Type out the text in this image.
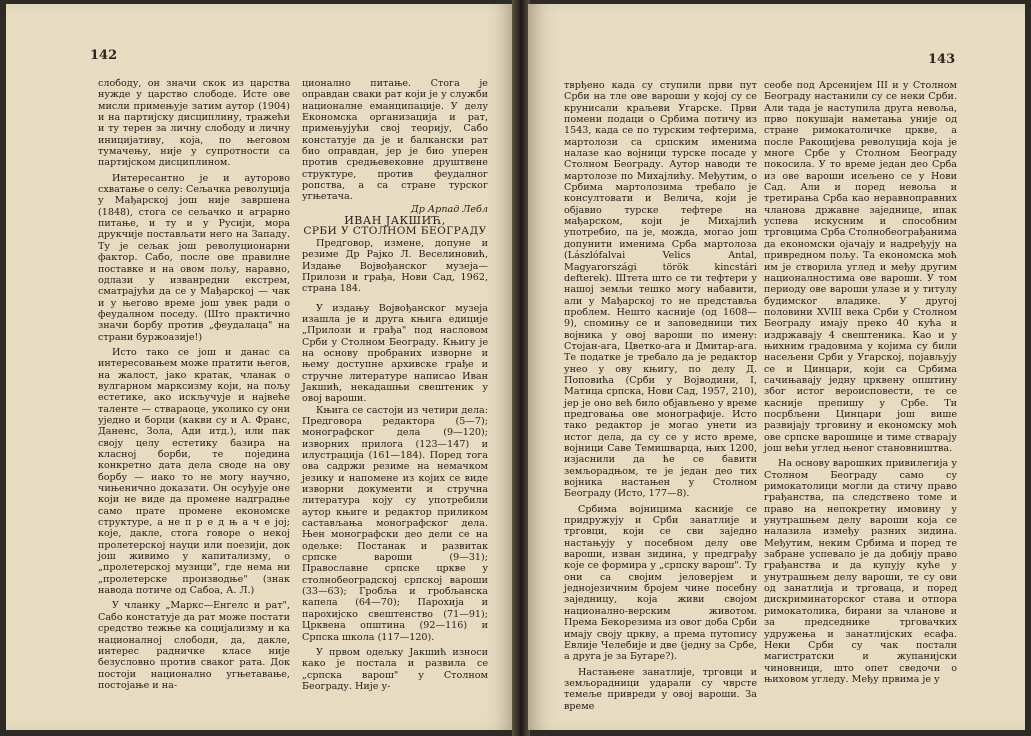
142

слободу, он значи скок из царства нужде у царство слободе. Исте ове мисли примењује затим аутор (1904) и на партијску дисциплину, тражећи и ту терен за личну слободу и личну иницијативу, која, по његовом тумачењу, није у супротности са партијском дисциплином.

Интересантно је и ауторово схватање о селу: Сељачка револуција у Мађарској још није завршена (1848), стога се сељачко и аграрно питање, и ту и у Русији, мора друкчије постављати него на Западу. Ту је сељак још револуционарни фактор. Сабо, после ове правилне поставке и на овом пољу, наравно, одлази у изванредни екстрем, сматрајући да се у Мађарској — чак и у његово време још увек ради о феудалном поседу. (Што практично значи борбу против „феудалаца" на страни буржоазије!)

Исто тако се још и данас са интересовањем може пратити његов, на жалост, јако кратак, чланак о вулгарном марксизму који, на пољу естетике, ако искључује и највеће таленте — ствараоце, уколико су они уједно и борци (какви су и А. Франс, Даненс, Зола, Ади итд.), или пак своју целу естетику базира на класној борби, те појединa конкретно дата дела своде на ову борбу — иако то не могу научно, чињенично доказати. Он осуђује оне који не виде да промене надградње само прате промене економске структуре, а не п р е д њ а ч е јој; које, дакле, стога говоре о некој пролетерској науци или поезији, док још живимо у капитализму, о „пролетерској музици", где нема ни „пролетерске производње" (знак навода потиче од Сабоа, А. Л.)

У чланку „Маркс—Енгелс и рат", Сабо констатује да рат може постати средство тежње ка социјализму и ка националној слободи, да, дакле, интерес радничке класе није безусловно против сваког рата. Док постоји национално угњетавање, постојање и на-

ционално питање. Стога је оправдан сваки рат који је у служби националне еманципације. У делу Економска организација и рат, примењујући свој теорију, Сабо констатује да је и балкански рат био оправдан, јер је био уперен против средњевековне друштвене структуре, против феудалног ропства, а са стране турског угњетача.

Др Арпад Лебл

ИВАН ЈАКШИЋ,

СРБИ У СТОЛНОМ БЕОГРАДУ

Предговор, измене, допуне и резиме Др Рајко Л. Веселиновић, Издање Војвођанског музеја—Прилози и грађа, Нови Сад, 1962, страна 184.

У издању Војвођанског музеја изашла је и друга књига едиције „Прилози и грађа" под насловом Срби у Столном Београду. Књигу је на основу пробраних изворне и њему доступне архивске грађе и стручне литературе написао Иван Јакшић, некадашњи свештеник у овој вароши.

Књига се састоји из четири дела: Предговора редактора (5—7); монографског дела (9—120); изворних прилога (123—147) и илустрација (161—184). Поред тога ова садржи резиме на немачком језику и напомене из којих се виде изворни документи и стручна литература коју су употребили аутор књиге и редактор приликом састављања монографског дела. Њен монографски део дели се на одељке: Постанак и развитак српске вароши (9—31); Православне српске цркве у столнобеоградској српској вароши (33—63); Гробља и гробљанска капела (64—70); Парохија и парохијско свештенство (71—91); Црквена општина (92—116) и Српска школа (117—120).

У првом одељку Јакшић износи како је постала и развила се „српска варош" у Столном Београду. Није у-

143

тврђено када су ступили први пут Срби на тле ове вароши у којој су се крунисали краљеви Угарске. Први помени подаци о Србима потичу из 1543, када се по турским тефтерима, мартолози са српским именима налазе као војници турске посаде у Столном Београду. Аутор наводи те мартолозе по Михајлићу. Међутим, о Србима мартолозима требало је консултовати и Велича, који је објавио турске тефтере на мађарском, који је Михајлић употребио, па је, можда, могао још допунити именима Срба мартолоза (Lászlófalvai Velics Antal, Magyarországi török kincstári defterek). Штета што се ти тефтери у нашој земљи тешко могу набавити, али у Мађарској то не представља проблем. Нешто касније (од 1608—9), спомињу се и заповедници тих војника у овој вароши по имену: Стојан-ага, Цветко-ага и Дмитар-ага. Те податке је требало да је редактор унео у ову књигу, по делу Д. Поповића (Срби у Војводини, I, Матица српска, Нови Сад, 1957, 210), јер је оно већ било објављено у време предговања ове монографије. Исто тако редактор је могао унети из истог дела, да су се у исто време, војници Саве Темишварца, њих 1200, изјаснили да ће се бавити земљорадњом, те је један део тих војника настањен у Столном Београду (Исто, 177—8).

Србима војницима касније се придружују и Срби занатлије и трговци, који се сви заједно настањују у посебном делу ове вароши, изван зидина, у предграђу које се формира у „српску варош". Ту они са својим јеловерјем и једнојезичним бројем чине посебну заједницу, која живи својом национално-верским животом. Према Бекорезима из овог доба Срби имају своју цркву, а према путопису Евлије Челебије и две (једну за Србе, а друга је за Бугаре?).

Настањене занатлије, трговци и земљорадници ударали су чврсте темеље привреди у овој вароши. За време

сеобе под Арсенијем III и у Столном Београду настанили су се неки Срби. Али тада је наступила друга невоља, прво покушаји наметања унијe од стране римокатоличке цркве, а после Ракоцијева револуција која је многе Србе у Столном Београду покосила. У то време један део Срба из ове вароши исељено се у Нови Сад. Али и поред невоља и третирања Срба као неравноправних чланова државне заједнице, ипак успева искусним и способним трговцима Срба Столнобеограђанима да економски ојачају и надређују на привредном пољу. Та економска моћ им је створила углед и међу другим националностима ове вароши. У том периоду ове вароши улазе и у титулу будимског владике. У другој половини XVIII века Срби у Столном Београду имају преко 40 кућа и издржавају 4 свештеника. Као и у њихним градовима у којима су били насељени Срби у Угарској, појављују се и Цинцари, који са Србима сачињавају једну црквену општину због истoг вероисповести, те се касније препишу у Србе. Ти посрбљени Цинцари још више развијају трговину и економску моћ ове српске варошице и тиме стварају још већи углед њеног становништва.

На основу варошких привилегија у Столном Београду само су римокатолици могли да стичу право грађанства, па следствено томе и право на непокретну имовину у унутрашњем делу вароши која се налазила између разних зидина. Међутим, неким Србима и поред те забране успевало је да добију право грађанства и да купују куће у унутрашњем делу вароши, те су ови од занатлија и трговаца, и поред дискриминаторског става и отпора римокатолика, бирани за чланове и за председнике трговачких удружења и занатлијских есафа. Неки Срби су чак постали магистратски и жупанијски чиновници, што опет сведочи о њиховом угледу. Међу првима је у
